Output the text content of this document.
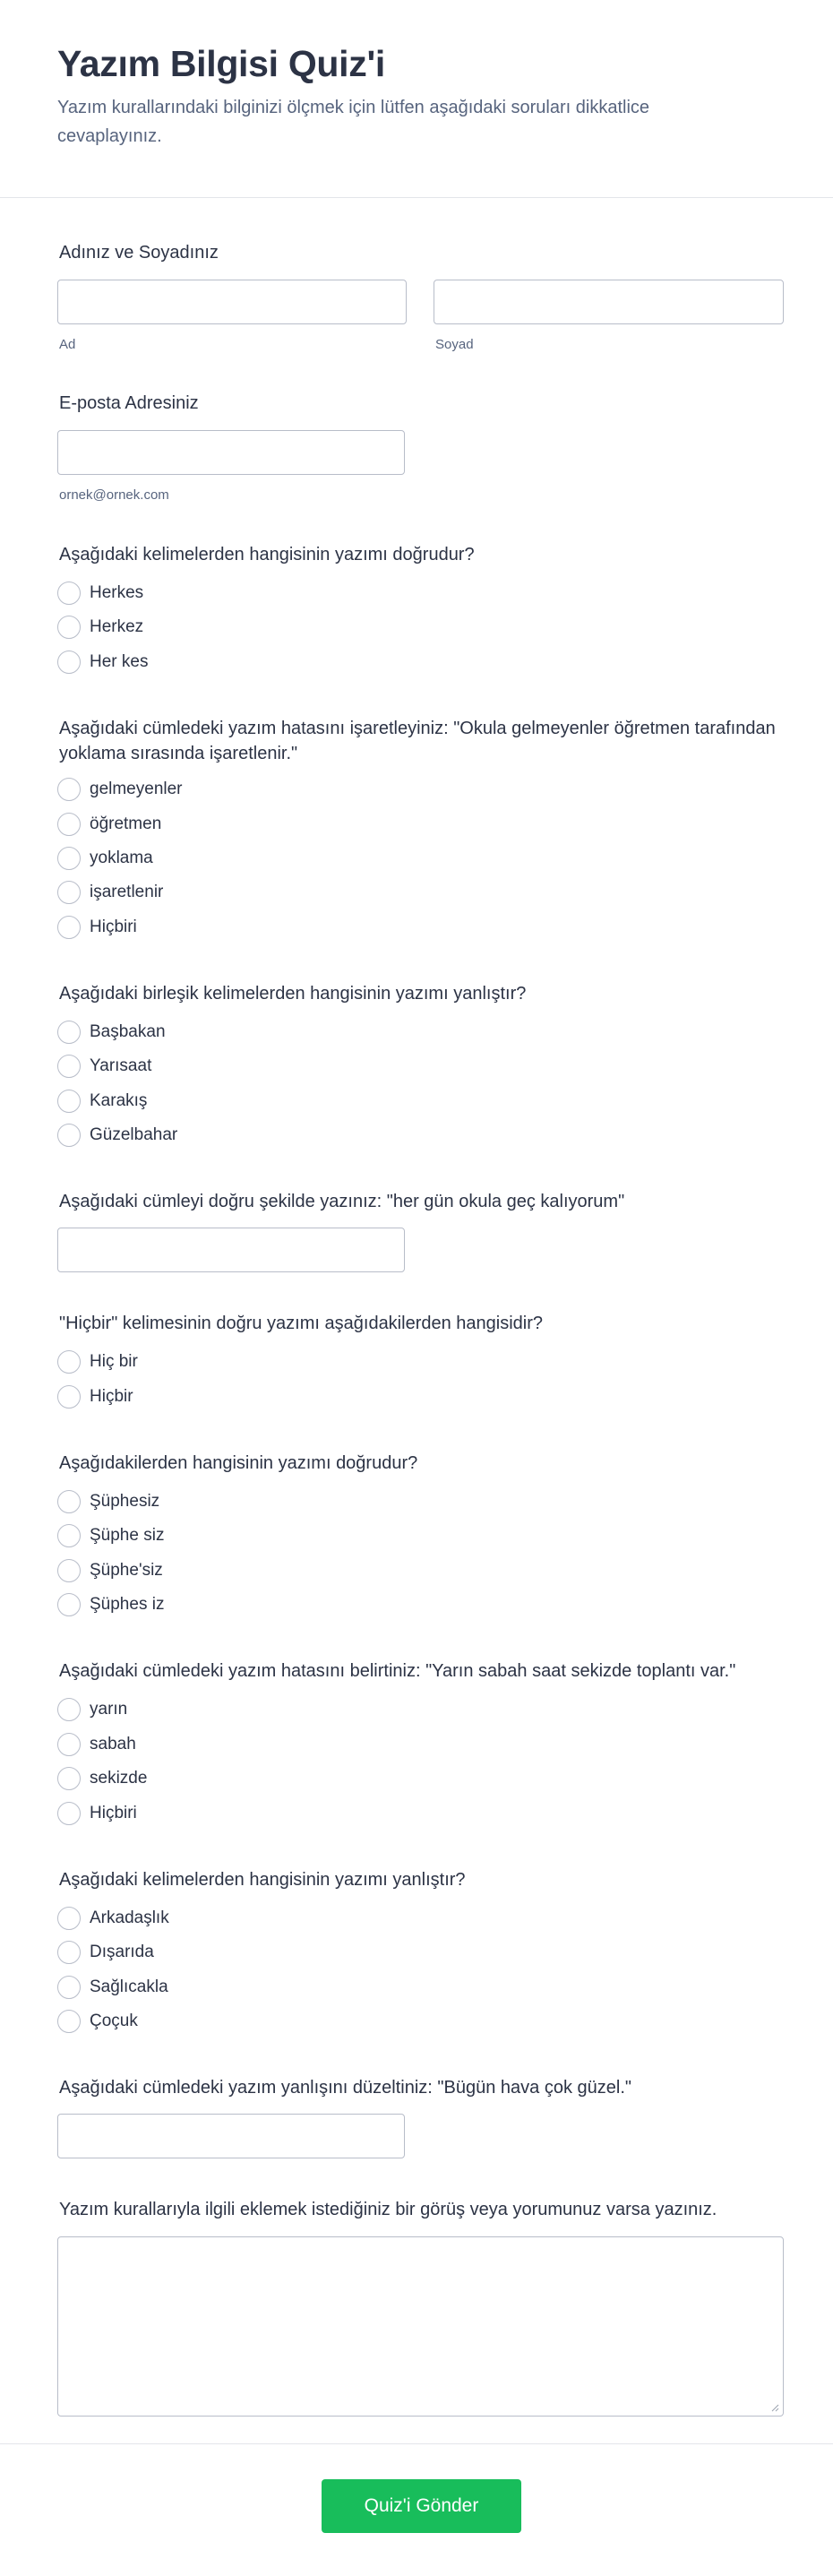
Yazım Bilgisi Quiz'i

Yazım kurallarındaki bilginizi ölçmek için lütfen aşağıdaki soruları dikkatlice cevaplayınız.

Adınız ve Soyadınız
Ad	Soyad
E-posta Adresiniz
ornek@ornek.com
Aşağıdaki kelimelerden hangisinin yazımı doğrudur?
Herkes
Herkez
Her kes
Aşağıdaki cümledeki yazım hatasını işaretleyiniz: "Okula gelmeyenler öğretmen tarafından yoklama sırasında işaretlenir."
gelmeyenler
öğretmen
yoklama
işaretlenir
Hiçbiri
Aşağıdaki birleşik kelimelerden hangisinin yazımı yanlıştır?
Başbakan
Yarısaat
Karakış
Güzelbahar
Aşağıdaki cümleyi doğru şekilde yazınız: "her gün okula geç kalıyorum"
"Hiçbir" kelimesinin doğru yazımı aşağıdakilerden hangisidir?
Hiç bir
Hiçbir
Aşağıdakilerden hangisinin yazımı doğrudur?
Şüphesiz
Şüphe siz
Şüphe'siz
Şüphes iz
Aşağıdaki cümledeki yazım hatasını belirtiniz: "Yarın sabah saat sekizde toplantı var."
yarın
sabah
sekizde
Hiçbiri
Aşağıdaki kelimelerden hangisinin yazımı yanlıştır?
Arkadaşlık
Dışarıda
Sağlıcakla
Çoçuk
Aşağıdaki cümledeki yazım yanlışını düzeltiniz: "Bügün hava çok güzel."
Yazım kurallarıyla ilgili eklemek istediğiniz bir görüş veya yorumunuz varsa yazınız.
Quiz'i Gönder
